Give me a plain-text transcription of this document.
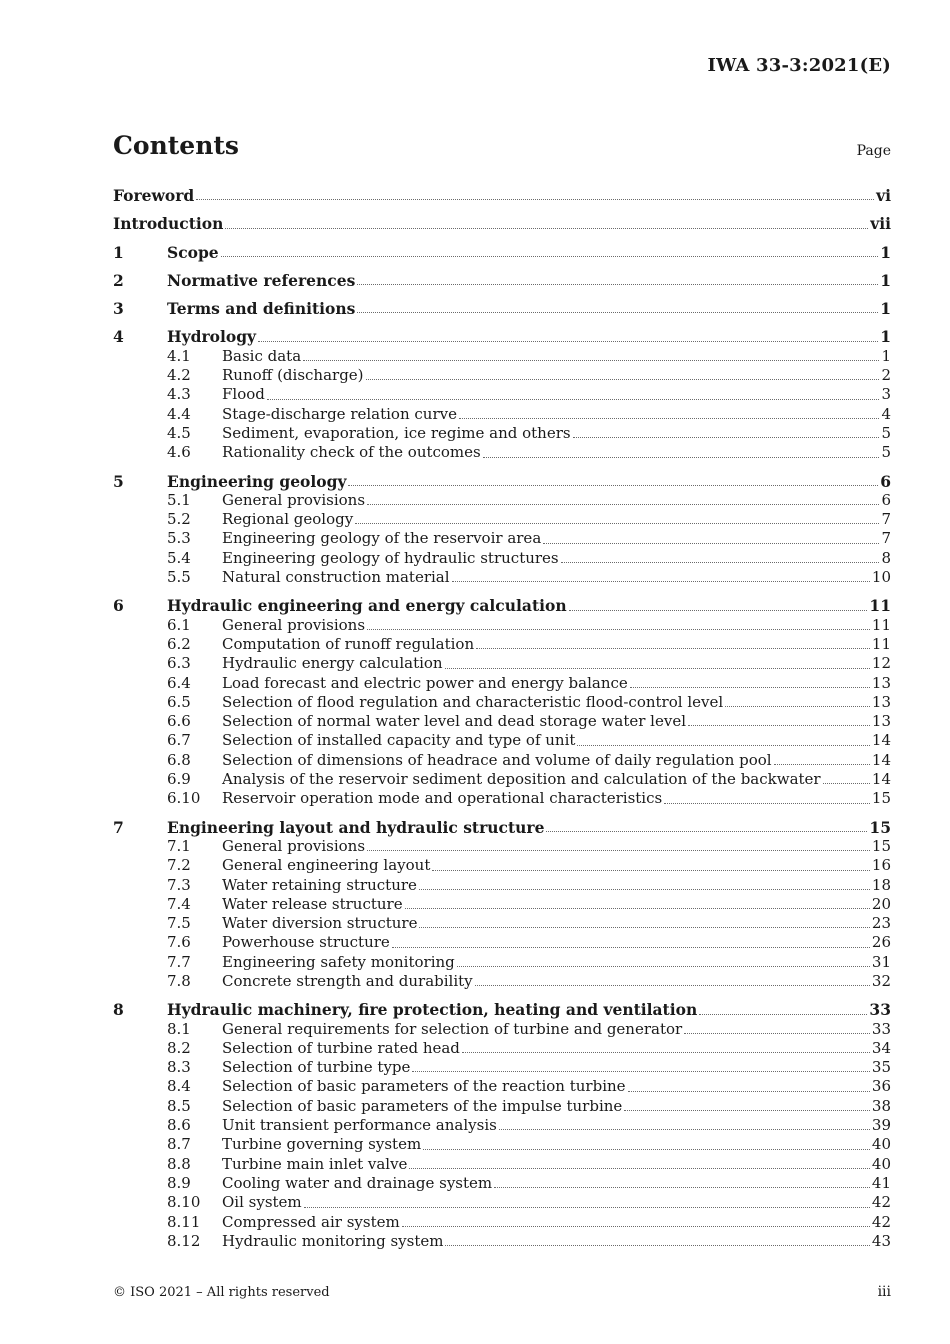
IWA 33-3:2021(E)
Contents	Page
Foreword	vi
Introduction	vii
1	Scope	1
2	Normative references	1
3	Terms and definitions	1
4	Hydrology	1
4.1	Basic data	1
4.2	Runoff (discharge)	2
4.3	Flood	3
4.4	Stage-discharge relation curve	4
4.5	Sediment, evaporation, ice regime and others	5
4.6	Rationality check of the outcomes	5
5	Engineering geology	6
5.1	General provisions	6
5.2	Regional geology	7
5.3	Engineering geology of the reservoir area	7
5.4	Engineering geology of hydraulic structures	8
5.5	Natural construction material	10
6	Hydraulic engineering and energy calculation	11
6.1	General provisions	11
6.2	Computation of runoff regulation	11
6.3	Hydraulic energy calculation	12
6.4	Load forecast and electric power and energy balance	13
6.5	Selection of flood regulation and characteristic flood-control level	13
6.6	Selection of normal water level and dead storage water level	13
6.7	Selection of installed capacity and type of unit	14
6.8	Selection of dimensions of headrace and volume of daily regulation pool	14
6.9	Analysis of the reservoir sediment deposition and calculation of the backwater	14
6.10	Reservoir operation mode and operational characteristics	15
7	Engineering layout and hydraulic structure	15
7.1	General provisions	15
7.2	General engineering layout	16
7.3	Water retaining structure	18
7.4	Water release structure	20
7.5	Water diversion structure	23
7.6	Powerhouse structure	26
7.7	Engineering safety monitoring	31
7.8	Concrete strength and durability	32
8	Hydraulic machinery, fire protection, heating and ventilation	33
8.1	General requirements for selection of turbine and generator	33
8.2	Selection of turbine rated head	34
8.3	Selection of turbine type	35
8.4	Selection of basic parameters of the reaction turbine	36
8.5	Selection of basic parameters of the impulse turbine	38
8.6	Unit transient performance analysis	39
8.7	Turbine governing system	40
8.8	Turbine main inlet valve	40
8.9	Cooling water and drainage system	41
8.10	Oil system	42
8.11	Compressed air system	42
8.12	Hydraulic monitoring system	43
© ISO 2021 – All rights reserved	iii
